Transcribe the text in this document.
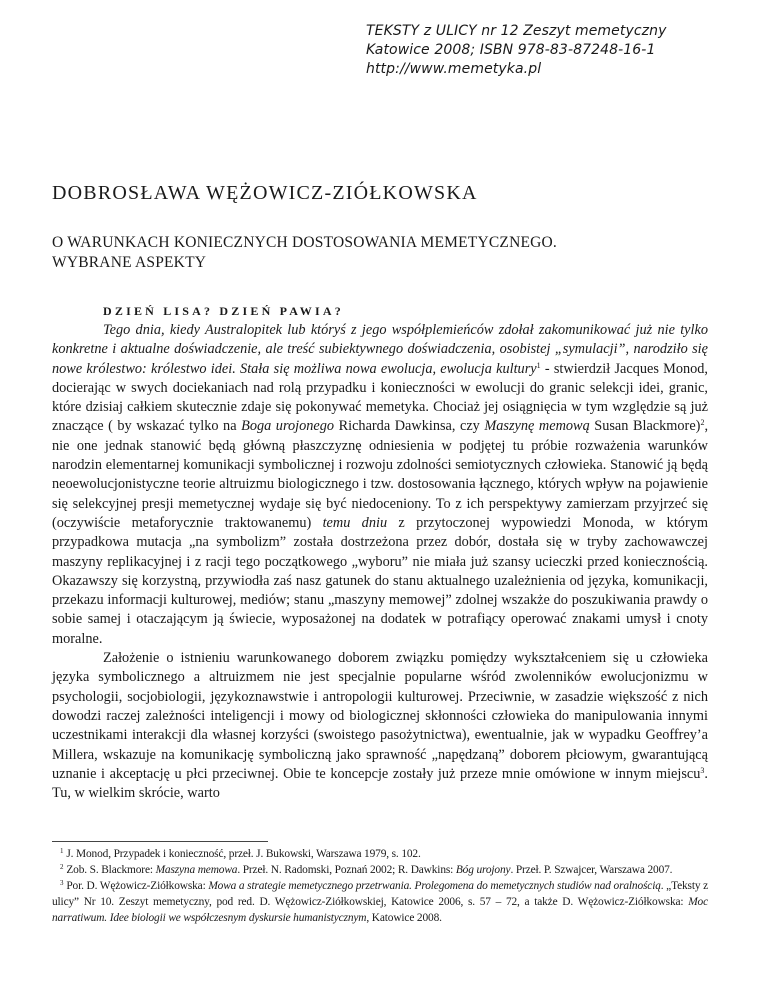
TEKSTY z ULICY nr 12 Zeszyt memetyczny
Katowice 2008; ISBN 978-83-87248-16-1
http://www.memetyka.pl
DOBROSŁAWA WĘŻOWICZ-ZIÓŁKOWSKA
O WARUNKACH KONIECZNYCH DOSTOSOWANIA MEMETYCZNEGO.
WYBRANE ASPEKTY
DZIEŃ LISA? DZIEŃ PAWIA?

Tego dnia, kiedy Australopitek lub któryś z jego współplemieńców zdołał zakomunikować już nie tylko konkretne i aktualne doświadczenie, ale treść subiektywnego doświadczenia, osobistej „symulacji”, narodziło się nowe królestwo: królestwo idei. Stała się możliwa nowa ewolucja, ewolucja kultury$^1$ - stwierdził Jacques Monod, docierając w swych dociekaniach nad rolą przypadku i konieczności w ewolucji do granic selekcji idei, granic, które dzisiaj całkiem skutecznie zdaje się pokonywać memetyka. Chociaż jej osiągnięcia w tym względzie są już znaczące ( by wskazać tylko na Boga urojonego Richarda Dawkinsa, czy Maszynę memową Susan Blackmore)$^2$, nie one jednak stanowić będą główną płaszczyznę odniesienia w podjętej tu próbie rozważenia warunków narodzin elementarnej komunikacji symbolicznej i rozwoju zdolności semiotycznych człowieka. Stanowić ją będą neoewolucjonistyczne teorie altruizmu biologicznego i tzw. dostosowania łącznego, których wpływ na pojawienie się selekcyjnej presji memetycznej wydaje się być niedoceniony. To z ich perspektywy zamierzam przyjrzeć się (oczywiście metaforycznie traktowanemu) temu dniu z przytoczonej wypowiedzi Monoda, w którym przypadkowa mutacja „na symbolizm” została dostrzeżona przez dobór, dostała się w tryby zachowawczej maszyny replikacyjnej i z racji tego początkowego „wyboru” nie miała już szansy ucieczki przed koniecznością. Okazawszy się korzystną, przywiodła zaś nasz gatunek do stanu aktualnego uzależnienia od języka, komunikacji, przekazu informacji kulturowej, mediów; stanu „maszyny memowej” zdolnej wszakże do poszukiwania prawdy o sobie samej i otaczającym ją świecie, wyposażonej na dodatek w potrafiący operować znakami umysł i cnoty moralne.

Założenie o istnieniu warunkowanego doborem związku pomiędzy wykształceniem się u człowieka języka symbolicznego a altruizmem nie jest specjalnie popularne wśród zwolenników ewolucjonizmu w psychologii, socjobiologii, językoznawstwie i antropologii kulturowej. Przeciwnie, w zasadzie większość z nich dowodzi raczej zależności inteligencji i mowy od biologicznej skłonności człowieka do manipulowania innymi uczestnikami interakcji dla własnej korzyści (swoistego pasożytnictwa), ewentualnie, jak w wypadku Geoffrey’a Millera, wskazuje na komunikację symboliczną jako sprawność „napędzaną” doborem płciowym, gwarantującą uznanie i akceptację u płci przeciwnej. Obie te koncepcje zostały już przeze mnie omówione w innym miejscu$^3$. Tu, w wielkim skrócie, warto

$^1$ J. Monod, Przypadek i konieczność, przeł. J. Bukowski, Warszawa 1979, s. 102.

$^2$ Zob. S. Blackmore: Maszyna memowa. Przeł. N. Radomski, Poznań 2002; R. Dawkins: Bóg urojony. Przeł. P. Szwajcer, Warszawa 2007.

$^3$ Por. D. Wężowicz-Ziółkowska: Mowa a strategie memetycznego przetrwania. Prolegomena do memetycznych studiów nad oralnością. „Teksty z ulicy” Nr 10. Zeszyt memetyczny, pod red. D. Wężowicz-Ziółkowskiej, Katowice 2006, s. 57 – 72, a także D. Wężowicz-Ziółkowska: Moc narratiwum. Idee biologii we współczesnym dyskursie humanistycznym, Katowice 2008.
